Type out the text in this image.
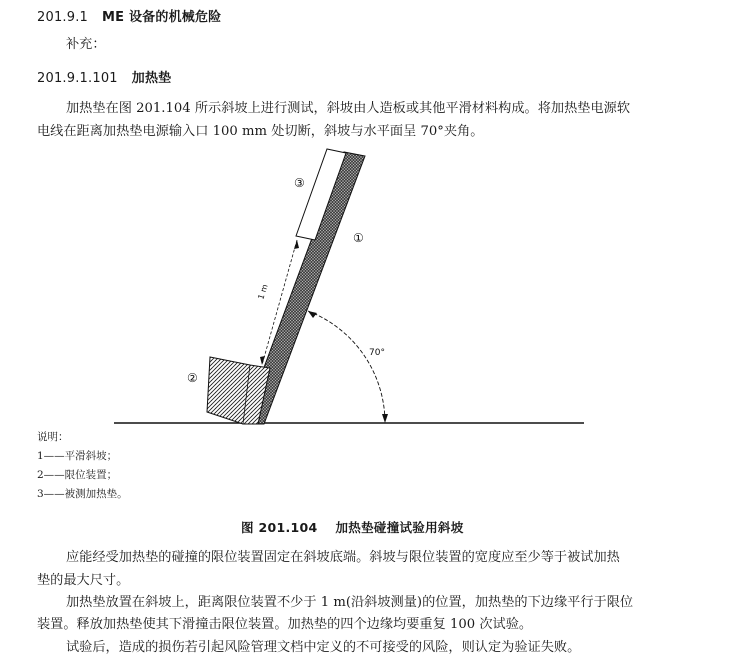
201.9.1 ME 设备的机械危险
补充：
201.9.1.101 加热垫
加热垫在图 201.104 所示斜坡上进行测试，斜坡由人造板或其他平滑材料构成。将加热垫电源软
电线在距离加热垫电源输入口 100 mm 处切断，斜坡与水平面呈 70°夹角。
70°
1 m
①
②
③
说明：
1——平滑斜坡；
2——限位装置；
3——被测加热垫。
图 201.104 加热垫碰撞试验用斜坡
应能经受加热垫的碰撞的限位装置固定在斜坡底端。斜坡与限位装置的宽度应至少等于被试加热
垫的最大尺寸。
加热垫放置在斜坡上，距离限位装置不少于 1 m(沿斜坡测量)的位置，加热垫的下边缘平行于限位
装置。释放加热垫使其下滑撞击限位装置。加热垫的四个边缘均要重复 100 次试验。
试验后，造成的损伤若引起风险管理文档中定义的不可接受的风险，则认定为验证失败。
